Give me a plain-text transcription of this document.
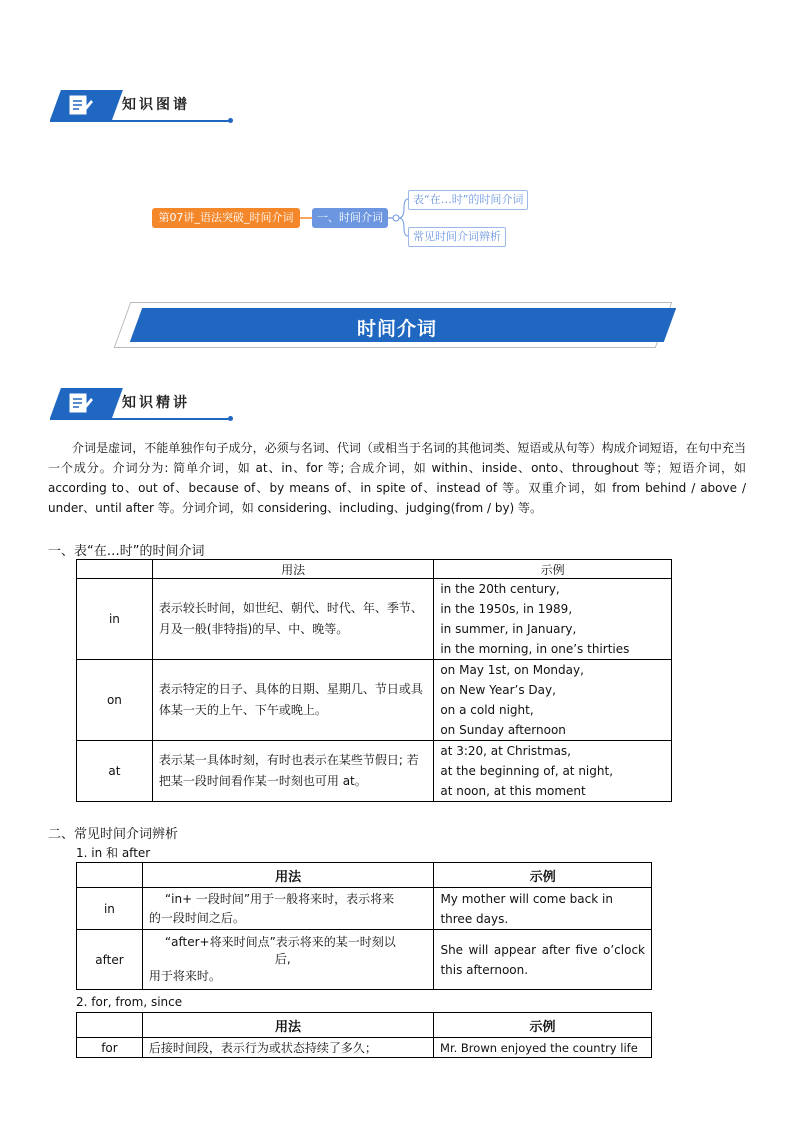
知识图谱
第07讲_语法突破_时间介词	一、时间介词
表“在…时”的时间介词
常见时间介词辨析
时间介词
知识精讲
介词是虚词，不能单独作句子成分，必须与名词、代词（或相当于名词的其他词类、短语或从句等）构成介词短语，在句中充当一个成分。介词分为: 简单介词，如 at、in、for 等; 合成介词，如 within、inside、onto、throughout 等；短语介词，如 according to、out of、because of、by means of、in spite of、instead of 等。双重介词，如 from behind / above / under、until after 等。分词介词，如 considering、including、judging(from / by) 等。
一、表“在…时”的时间介词
	用法	示例
in	表示较长时间，如世纪、朝代、时代、年、季节、月及一般(非特指)的早、中、晚等。	in the 20th century,
in the 1950s, in 1989,
in summer, in January,
in the morning, in one’s thirties

on	表示特定的日子、具体的日期、星期几、节日或具体某一天的上午、下午或晚上。	on May 1st, on Monday,
on New Year’s Day,
on a cold night,
on Sunday afternoon

at	表示某一具体时刻，有时也表示在某些节假日; 若把某一段时间看作某一时刻也可用 at。	at 3:20, at Christmas,
at the beginning of, at night,
at noon, at this moment
二、常见时间介词辨析
1. in 和 after
	用法	示例
in	“in+ 一段时间”用于一般将来时，表示将来
的一段时间之后。	My mother will come back in three days.
after	“after+将来时间点”表示将来的某一时刻以
后,
用于将来时。	She will appear after five o’clock this afternoon.
2. for, from, since
	用法	示例
for	后接时间段，表示行为或状态持续了多久；	Mr. Brown enjoyed the country life
